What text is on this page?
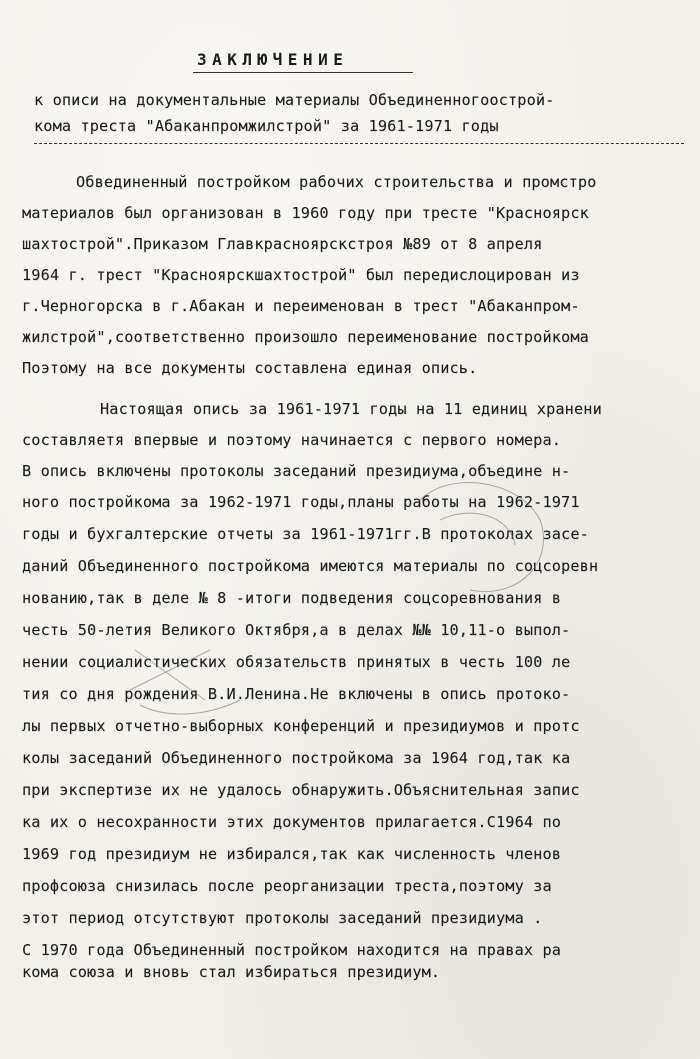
ЗАКЛЮЧЕНИЕ
к описи на документальные материалы Объединенногоострой-
кома треста "Абаканпромжилстрой" за 1961-1971 годы
Обвединенный постройком рабочих строительства и промстро
материалов был организован в 1960 году при тресте "Красноярск
шахтострой".Приказом Главкрасноярскстроя №89 от 8 апреля
1964 г. трест "Красноярскшахтострой" был передислоцирован из
г.Черногорска в г.Абакан и переименован в трест "Абаканпром-
жилстрой",соответственно произошло переименование постройкома
Поэтому на все документы составлена единая опись.
Настоящая опись за 1961-1971 годы на 11 единиц хранени
составляетя впервые и поэтому начинается с первого номера.
В опись включены протоколы заседаний президиума,объедине н-
ного постройкома за 1962-1971 годы,планы работы на 1962-1971
годы и бухгалтерские отчеты за 1961-1971гг.В протоколах засе-
даний Объединенного постройкома имеются материалы по соцсоревн
нованию,так в деле № 8 -итоги подведения соцсоревнования в
честь 50-летия Великого Октября,а в делах №№ 10,11-о выпол-
нении социалистических обязательств принятых в честь 100 ле
тия со дня рождения В.И.Ленина.Не включены в опись протоко-
лы первых отчетно-выборных конференций и президиумов и протс
колы заседаний Объединенного постройкома за 1964 год,так ка
при экспертизе их не удалось обнаружить.Объяснительная запис
ка их о несохранности этих документов прилагается.С1964 по
1969 год президиум не избирался,так как численность членов
профсоюза снизилась после реорганизации треста,поэтому за
этот период отсутствуют протоколы заседаний президиума .
С 1970 года Объединенный постройком находится на правах ра
кома союза и вновь стал избираться президиум.
